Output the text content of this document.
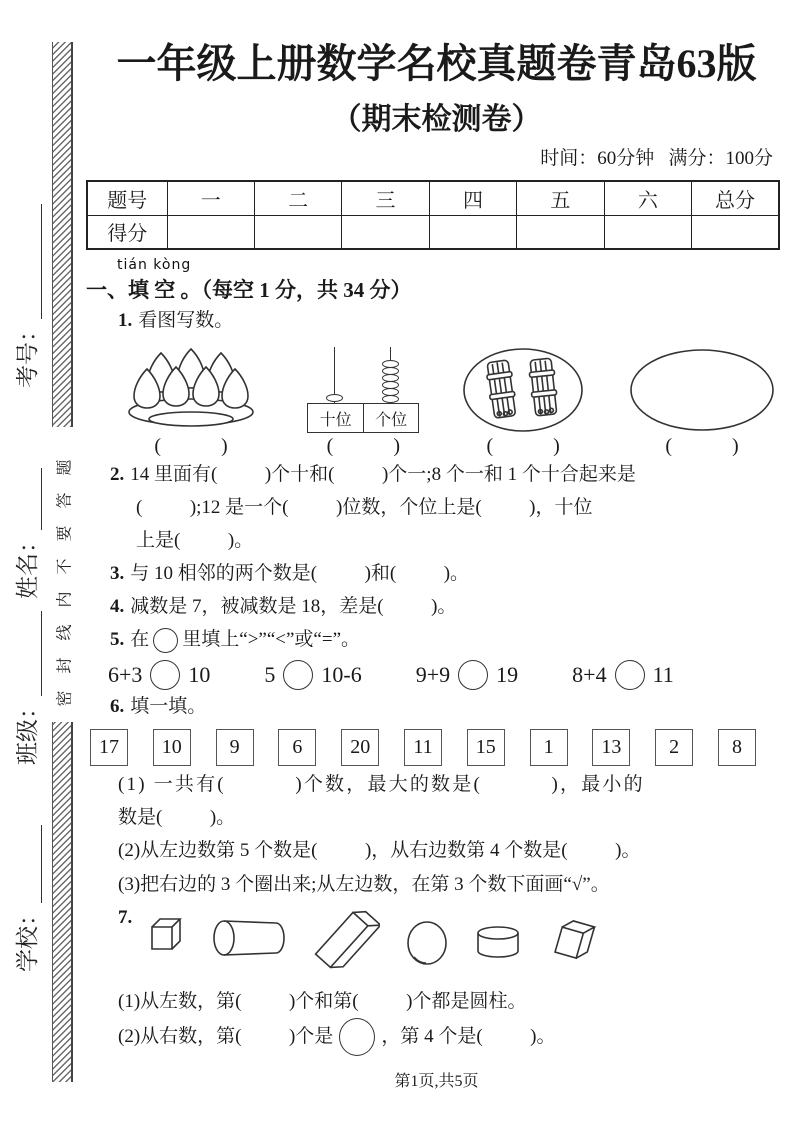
学校：
班级：
姓名：
考号：
密封线内不要答题
一年级上册数学名校真题卷青岛63版
（期末检测卷）
时间：60分钟   满分：100分
题号	一	二	三	四	五	六	总分
得分							
tián kòng
一、填 空 。（每空 1 分，共 34 分）
1. 看图写数。
(            )
十位	个位
(            )	(            )	(            )
2. 14 里面有(          )个十和(          )个一;8 个一和 1 个十合起来是
(          );12 是一个(          )位数，个位上是(          )，十位
上是(          )。
3. 与 10 相邻的两个数是(          )和(          )。
4. 减数是 7，被减数是 18，差是(          )。
5. 在 里填上“>”“<”或“=”。
6+3 10 5 10-6 9+9 19 8+4 11
6. 填一填。
17	10	9	6	20	11	15	1	13	2	8
(1) 一共有(          )个数，最大的数是(          )，最小的
数是(          )。
(2)从左边数第 5 个数是(          )，从右边数第 4 个数是(          )。
(3)把右边的 3 个圈出来;从左边数，在第 3 个数下面画“√”。
7.
(1)从左数，第(          )个和第(          )个都是圆柱。
(2)从右数，第(          )个是	，第 4 个是(          )。
第1页,共5页
